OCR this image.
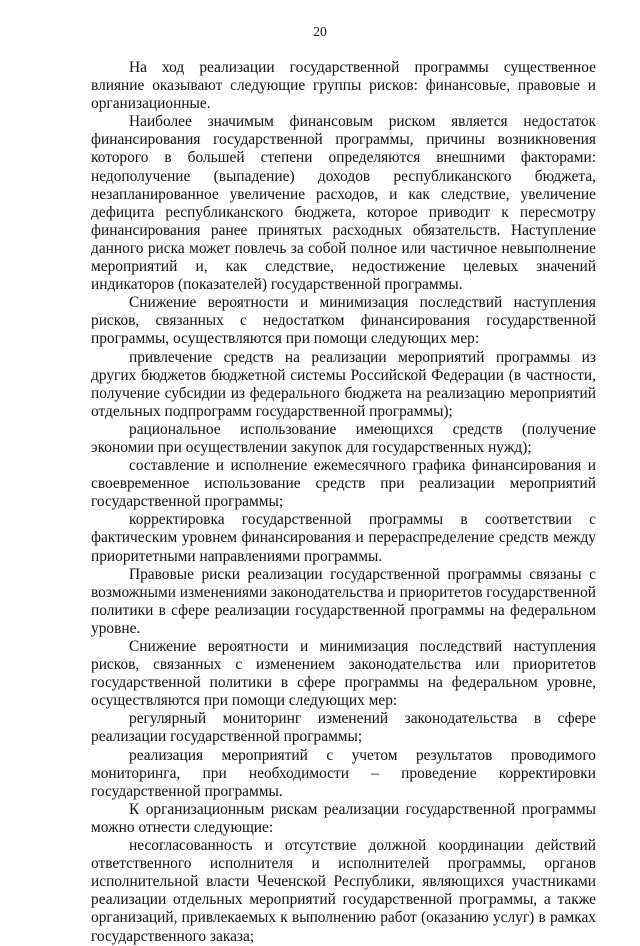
20

На ход реализации государственной программы существенное влияние оказывают следующие группы рисков: финансовые, правовые и организационные.

Наиболее значимым финансовым риском является недостаток финансирования государственной программы, причины возникновения которого в большей степени определяются внешними факторами: недополучение (выпадение) доходов республиканского бюджета, незапланированное увеличение расходов, и как следствие, увеличение дефицита республиканского бюджета, которое приводит к пересмотру финансирования ранее принятых расходных обязательств. Наступление данного риска может повлечь за собой полное или частичное невыполнение мероприятий и, как следствие, недостижение целевых значений индикаторов (показателей) государственной программы.

Снижение вероятности и минимизация последствий наступления рисков, связанных с недостатком финансирования государственной программы, осуществляются при помощи следующих мер:

привлечение средств на реализации мероприятий программы из других бюджетов бюджетной системы Российской Федерации (в частности, получение субсидии из федерального бюджета на реализацию мероприятий отдельных подпрограмм государственной программы);

рациональное использование имеющихся средств (получение экономии при осуществлении закупок для государственных нужд);

составление и исполнение ежемесячного графика финансирования и своевременное использование средств при реализации мероприятий государственной программы;

корректировка государственной программы в соответствии с фактическим уровнем финансирования и перераспределение средств между приоритетными направлениями программы.

Правовые риски реализации государственной программы связаны с возможными изменениями законодательства и приоритетов государственной политики в сфере реализации государственной программы на федеральном уровне.

Снижение вероятности и минимизация последствий наступления рисков, связанных с изменением законодательства или приоритетов государственной политики в сфере программы на федеральном уровне, осуществляются при помощи следующих мер:

регулярный мониторинг изменений законодательства в сфере реализации государственной программы;

реализация мероприятий с учетом результатов проводимого мониторинга, при необходимости – проведение корректировки государственной программы.

К организационным рискам реализации государственной программы можно отнести следующие:

несогласованность и отсутствие должной координации действий ответственного исполнителя и исполнителей программы, органов исполнительной власти Чеченской Республики, являющихся участниками реализации отдельных мероприятий государственной программы, а также организаций, привлекаемых к выполнению работ (оказанию услуг) в рамках государственного заказа;
